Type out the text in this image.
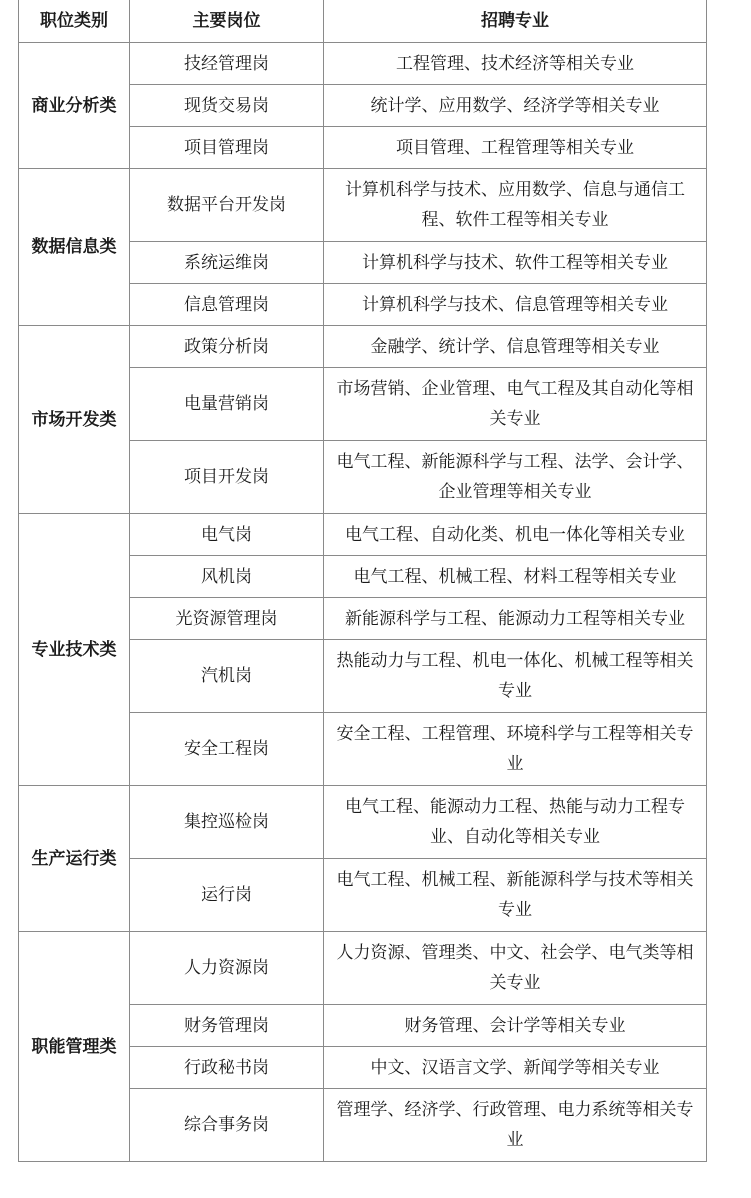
职位类别	主要岗位	招聘专业
商业分析类	技经管理岗	工程管理、技术经济等相关专业
	现货交易岗	统计学、应用数学、经济学等相关专业
	项目管理岗	项目管理、工程管理等相关专业
数据信息类	数据平台开发岗	计算机科学与技术、应用数学、信息与通信工程、软件工程等相关专业
	系统运维岗	计算机科学与技术、软件工程等相关专业
	信息管理岗	计算机科学与技术、信息管理等相关专业
市场开发类	政策分析岗	金融学、统计学、信息管理等相关专业
	电量营销岗	市场营销、企业管理、电气工程及其自动化等相关专业
	项目开发岗	电气工程、新能源科学与工程、法学、会计学、企业管理等相关专业
专业技术类	电气岗	电气工程、自动化类、机电一体化等相关专业
	风机岗	电气工程、机械工程、材料工程等相关专业
	光资源管理岗	新能源科学与工程、能源动力工程等相关专业
	汽机岗	热能动力与工程、机电一体化、机械工程等相关专业
	安全工程岗	安全工程、工程管理、环境科学与工程等相关专业
生产运行类	集控巡检岗	电气工程、能源动力工程、热能与动力工程专业、自动化等相关专业
	运行岗	电气工程、机械工程、新能源科学与技术等相关专业
职能管理类	人力资源岗	人力资源、管理类、中文、社会学、电气类等相关专业
	财务管理岗	财务管理、会计学等相关专业
	行政秘书岗	中文、汉语言文学、新闻学等相关专业
	综合事务岗	管理学、经济学、行政管理、电力系统等相关专业
